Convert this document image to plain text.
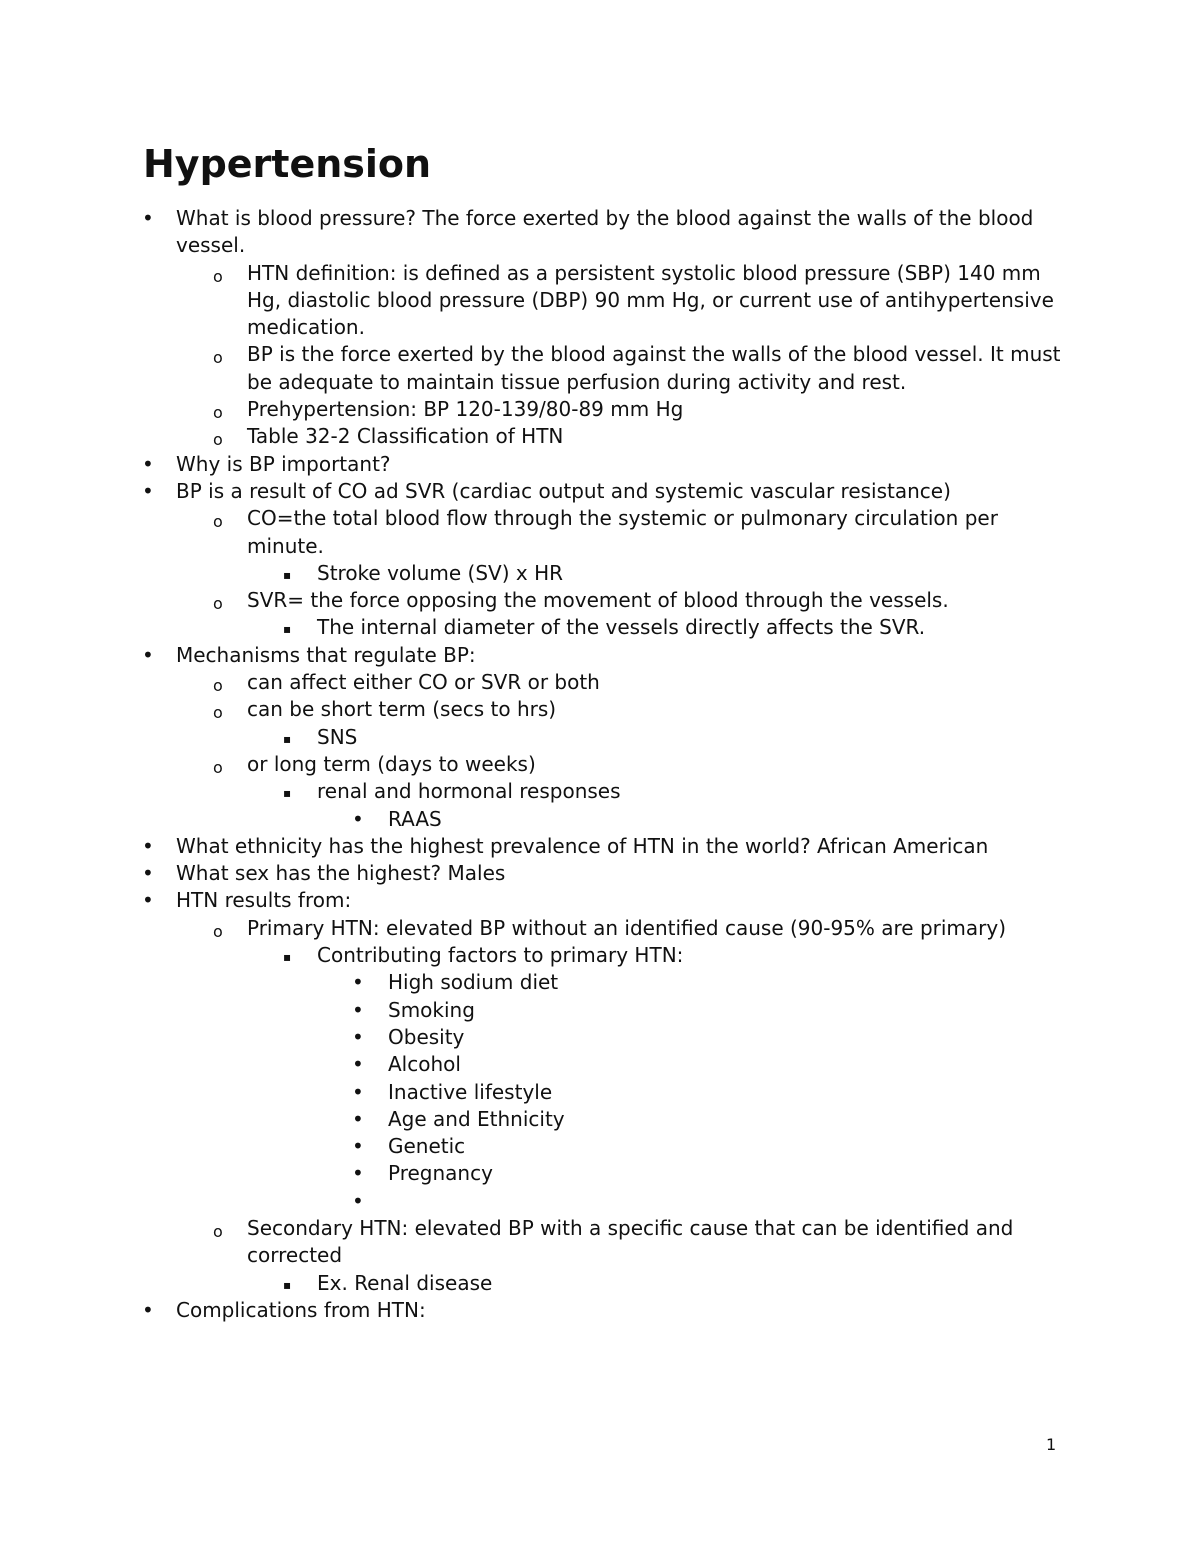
Hypertension
• What is blood pressure? The force exerted by the blood against the walls of the blood vessel.
o HTN definition: is defined as a persistent systolic blood pressure (SBP) 140 mm Hg, diastolic blood pressure (DBP) 90 mm Hg, or current use of antihypertensive medication.
o BP is the force exerted by the blood against the walls of the blood vessel. It must be adequate to maintain tissue perfusion during activity and rest.
o Prehypertension: BP 120-139/80-89 mm Hg
o Table 32-2 Classification of HTN
• Why is BP important?
• BP is a result of CO ad SVR (cardiac output and systemic vascular resistance)
o CO=the total blood flow through the systemic or pulmonary circulation per minute.
▪ Stroke volume (SV) x HR
o SVR= the force opposing the movement of blood through the vessels.
▪ The internal diameter of the vessels directly affects the SVR.
• Mechanisms that regulate BP:
o can affect either CO or SVR or both
o can be short term (secs to hrs)
▪ SNS
o or long term (days to weeks)
▪ renal and hormonal responses
• RAAS
• What ethnicity has the highest prevalence of HTN in the world? African American
• What sex has the highest? Males
• HTN results from:
o Primary HTN: elevated BP without an identified cause (90-95% are primary)
▪ Contributing factors to primary HTN:
• High sodium diet
• Smoking
• Obesity
• Alcohol
• Inactive lifestyle
• Age and Ethnicity
• Genetic
• Pregnancy
•
o Secondary HTN: elevated BP with a specific cause that can be identified and corrected
▪ Ex. Renal disease
• Complications from HTN:
1
